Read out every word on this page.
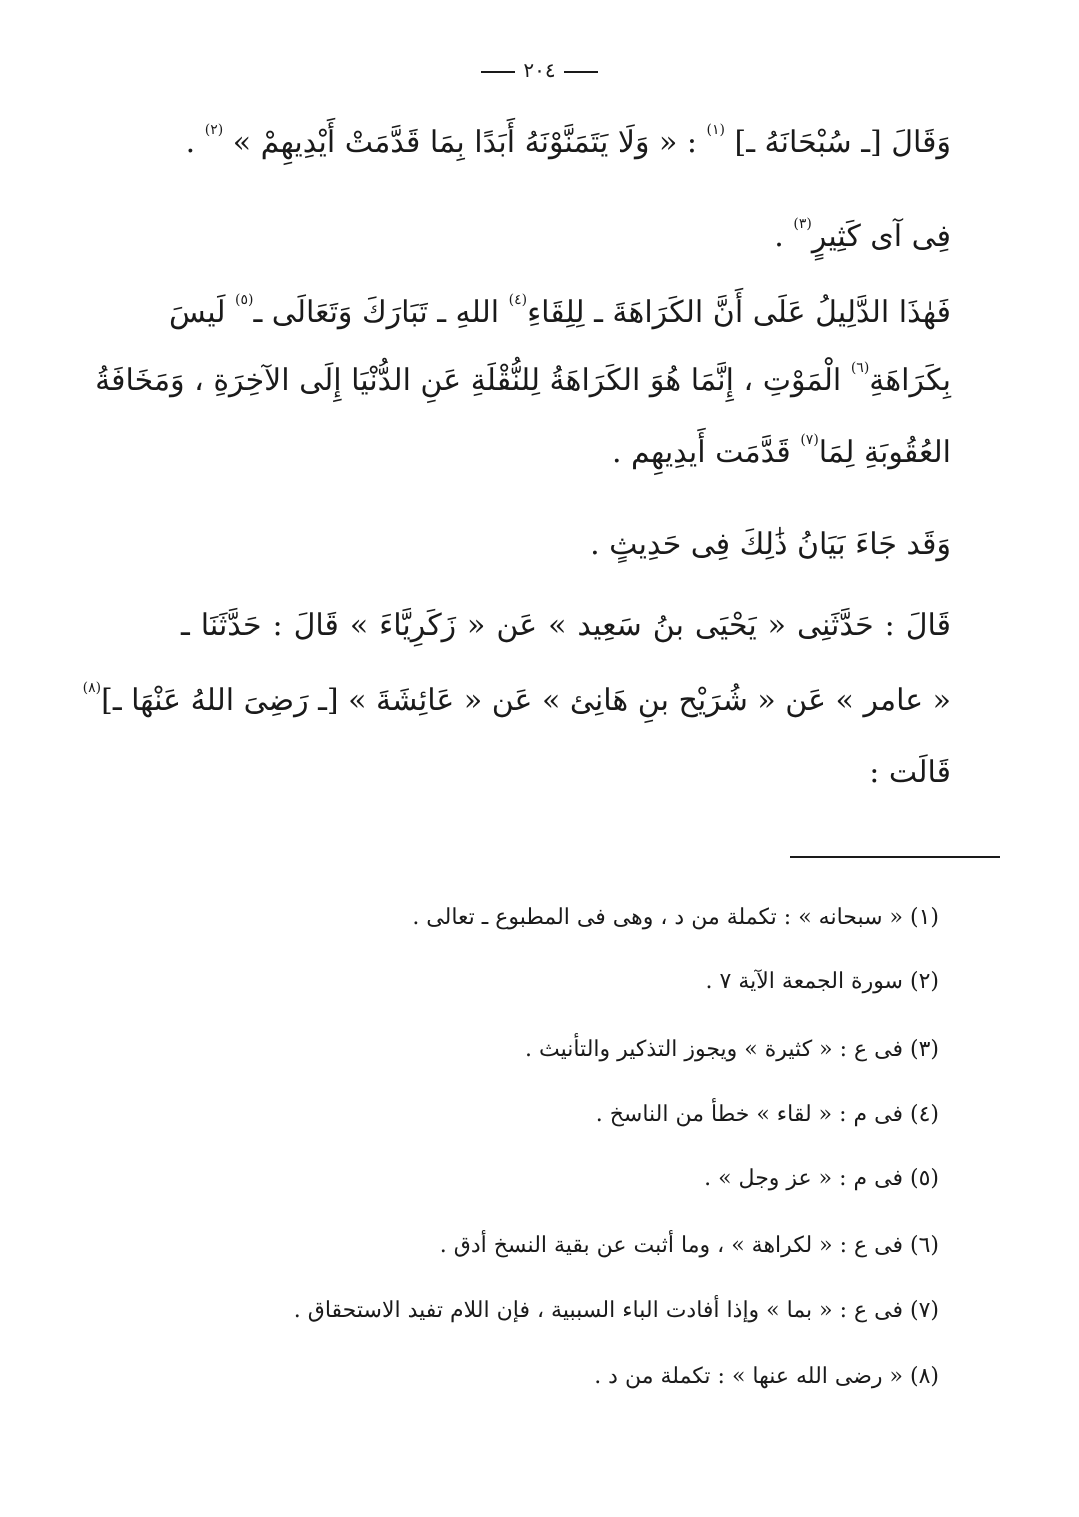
٢٠٤
وَقَالَ [ـ سُبْحَانَهُ ـ] $^{(١)}$ : « وَلَا يَتَمَنَّوْنَهُ أَبَدًا بِمَا قَدَّمَتْ أَيْدِيهِمْ » $^{(٢)}$ .
فِى آى كَثِيرٍ$^{(٣)}$ .
فَهٰذَا الدَّلِيلُ عَلَى أَنَّ الكَرَاهَةَ ـ لِلِقَاءِ$^{(٤)}$ اللهِ ـ تَبَارَكَ وَتَعَالَى ـ$^{(٥)}$ لَيسَ
بِكَرَاهَةِ$^{(٦)}$ الْمَوْتِ ، إِنَّمَا هُوَ الكَرَاهَةُ لِلنُّقْلَةِ عَنِ الدُّنْيَا إِلَى الآخِرَةِ ، وَمَخَافَةُ
العُقُوبَةِ لِمَا$^{(٧)}$ قَدَّمَت أَيدِيهِم .
وَقَد جَاءَ بَيَانُ ذَٰلِكَ فِى حَدِيثٍ .
قَالَ : حَدَّثَنِى « يَحْيَى بنُ سَعِيد » عَن « زَكَرِيَّاءَ » قَالَ : حَدَّثَنَا ـ
« عامر » عَن « شُرَيْح بنِ هَانِئ » عَن « عَائِشَةَ » [ـ رَضِىَ اللهُ عَنْهَا ـ]$^{(٨)}$
قَالَت :
(١) « سبحانه » : تكملة من د ، وهى فى المطبوع ـ تعالى .
(٢) سورة الجمعة الآية ٧ .
(٣) فى ع : « كثيرة » ويجوز التذكير والتأنيث .
(٤) فى م : « لقاء » خطأ من الناسخ .
(٥) فى م : « عز وجل » .
(٦) فى ع : « لكراهة » ، وما أثبت عن بقية النسخ أدق .
(٧) فى ع : « بما » وإذا أفادت الباء السببية ، فإن اللام تفيد الاستحقاق .
(٨) « رضى الله عنها » : تكملة من د .
